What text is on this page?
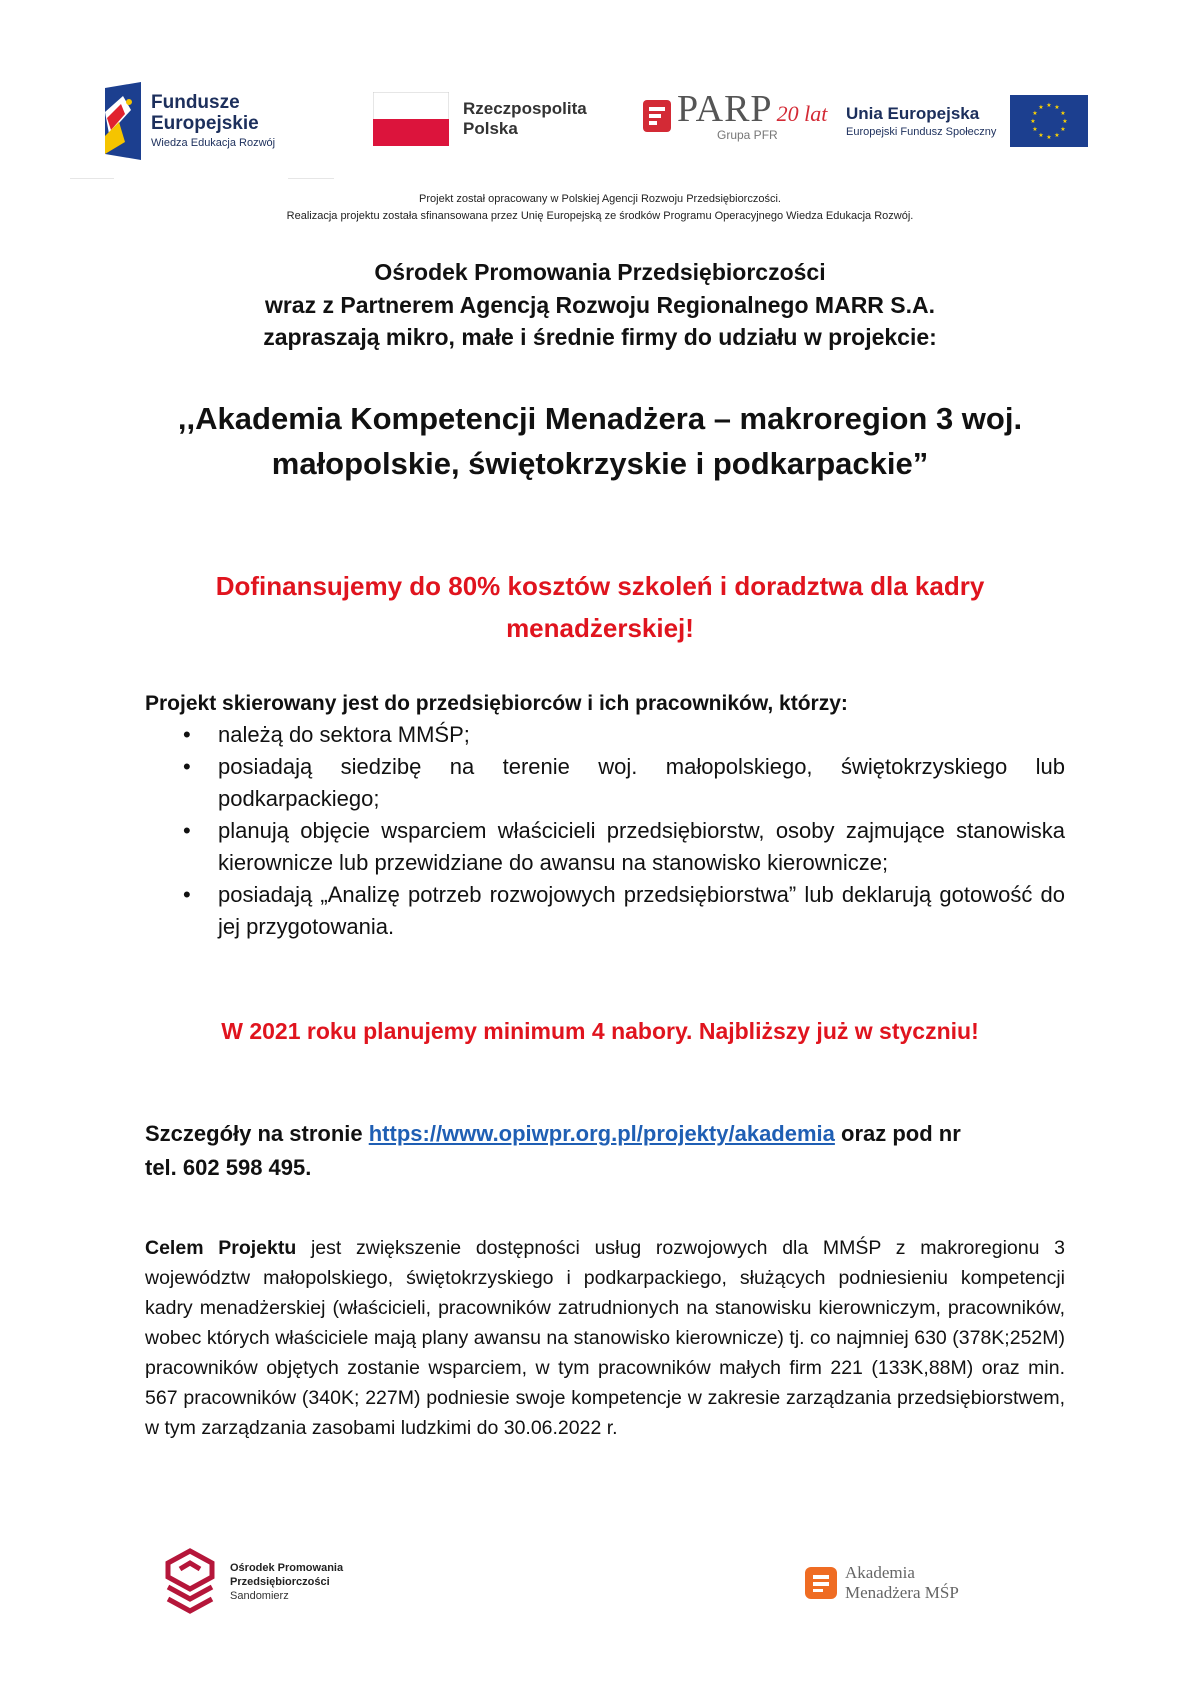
Fundusze
Europejskie
Wiedza Edukacja Rozwój
Rzeczpospolita
Polska	PARP 20 lat
Grupa PFR
Unia Europejska
Europejski Fundusz Społeczny
★ ★
★
★
★
★
★
★
★
★
★
★
Projekt został opracowany w Polskiej Agencji Rozwoju Przedsiębiorczości.
Realizacja projektu została sfinansowana przez Unię Europejską ze środków Programu Operacyjnego Wiedza Edukacja Rozwój.
Ośrodek Promowania Przedsiębiorczości
wraz z Partnerem Agencją Rozwoju Regionalnego MARR S.A.
zapraszają mikro, małe i średnie firmy do udziału w projekcie:
,,Akademia Kompetencji Menadżera – makroregion 3 woj.
małopolskie, świętokrzyskie i podkarpackie”
Dofinansujemy do 80% kosztów szkoleń i doradztwa dla kadry
menadżerskiej!
Projekt skierowany jest do przedsiębiorców i ich pracowników, którzy:
• należą do sektora MMŚP;
• posiadają siedzibę na terenie woj. małopolskiego, świętokrzyskiego lub podkarpackiego;
• planują objęcie wsparciem właścicieli przedsiębiorstw, osoby zajmujące stanowiska kierownicze lub przewidziane do awansu na stanowisko kierownicze;
• posiadają „Analizę potrzeb rozwojowych przedsiębiorstwa” lub deklarują gotowość do jej przygotowania.
W 2021 roku planujemy minimum 4 nabory. Najbliższy już w styczniu!
Szczegóły na stronie https://www.opiwpr.org.pl/projekty/akademia oraz pod nr
tel. 602 598 495.
Celem Projektu jest zwiększenie dostępności usług rozwojowych dla MMŚP z makroregionu 3 województw małopolskiego, świętokrzyskiego i podkarpackiego, służących podniesieniu kompetencji kadry menadżerskiej (właścicieli, pracowników zatrudnionych na stanowisku kierowniczym, pracowników, wobec których właściciele mają plany awansu na stanowisko kierownicze) tj. co najmniej 630 (378K;252M) pracowników objętych zostanie wsparciem, w tym pracowników małych firm 221 (133K,88M) oraz min. 567 pracowników (340K; 227M) podniesie swoje kompetencje w zakresie zarządzania przedsiębiorstwem, w tym zarządzania zasobami ludzkimi do 30.06.2022 r.
Ośrodek Promowania
Przedsiębiorczości
Sandomierz
Akademia
Menadżera MŚP
